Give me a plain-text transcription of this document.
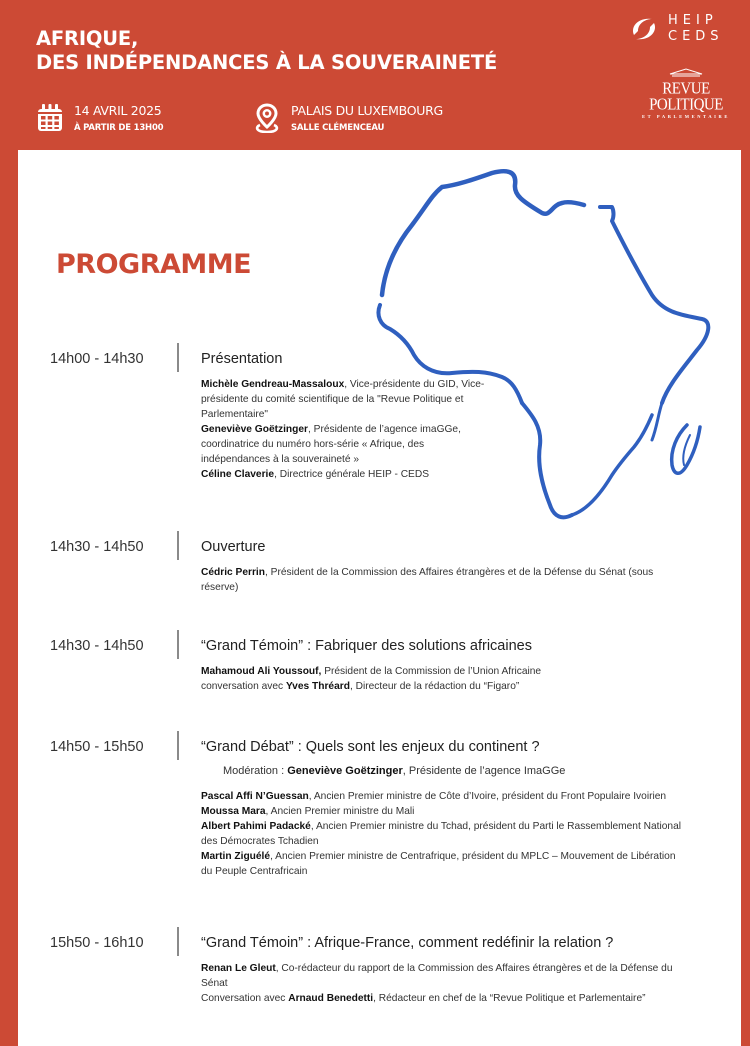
AFRIQUE,
DES INDÉPENDANCES À LA SOUVERAINETÉ
14 AVRIL 2025
À PARTIR DE 13H00
PALAIS DU LUXEMBOURG
SALLE CLÉMENCEAU
HEIP
CEDS
REVUE POLITIQUE
ET PARLEMENTAIRE
PROGRAMME
14h00 - 14h30	Présentation
Michèle Gendreau-Massaloux, Vice-présidente du GID, Vice-présidente du comité scientifique de la "Revue Politique et Parlementaire"
Geneviève Goëtzinger, Présidente de l’agence imaGGe, coordinatrice du numéro hors-série « Afrique, des indépendances à la souveraineté »
Céline Claverie, Directrice générale HEIP - CEDS
14h30 - 14h50	Ouverture
Cédric Perrin, Président de la Commission des Affaires étrangères et de la Défense du Sénat (sous réserve)
14h30 - 14h50	“Grand Témoin” : Fabriquer des solutions africaines
Mahamoud Ali Youssouf, Président de la Commission de l’Union Africaine
conversation avec Yves Thréard, Directeur de la rédaction du “Figaro”
14h50 - 15h50	“Grand Débat” : Quels sont les enjeux du continent ?
Modération : Geneviève Goëtzinger, Présidente de l’agence ImaGGe
Pascal Affi N’Guessan, Ancien Premier ministre de Côte d’Ivoire, président du Front Populaire Ivoirien
Moussa Mara, Ancien Premier ministre du Mali
Albert Pahimi Padacké, Ancien Premier ministre du Tchad, président du Parti le Rassemblement National des Démocrates Tchadien
Martin Ziguélé, Ancien Premier ministre de Centrafrique, président du MPLC – Mouvement de Libération du Peuple Centrafricain
15h50 - 16h10	“Grand Témoin” : Afrique-France, comment redéfinir la relation ?
Renan Le Gleut, Co-rédacteur du rapport de la Commission des Affaires étrangères et de la Défense du Sénat
Conversation avec Arnaud Benedetti, Rédacteur en chef de la “Revue Politique et Parlementaire”
